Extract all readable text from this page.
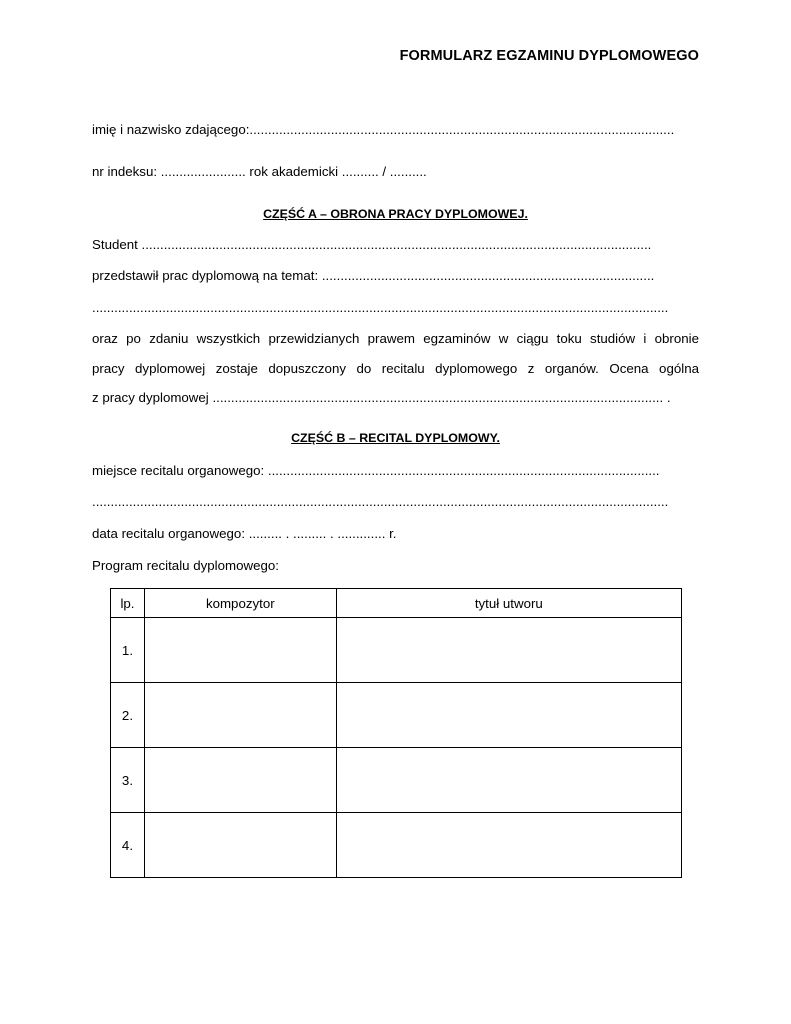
FORMULARZ EGZAMINU DYPLOMOWEGO
imię i nazwisko zdającego:...................................................................................................................
nr indeksu: ....................... rok akademicki .......... / ..........
CZĘŚĆ A – OBRONA PRACY DYPLOMOWEJ.
Student ..........................................................................................................................................
przedstawił prac dyplomową na temat: ..........................................................................................
............................................................................................................................................................
oraz po zdaniu wszystkich przewidzianych prawem egzaminów w ciągu toku studiów i obronie
pracy dyplomowej zostaje dopuszczony do recitalu dyplomowego z organów. Ocena ogólna
z pracy dyplomowej .......................................................................................................................... .
CZĘŚĆ B – RECITAL DYPLOMOWY.
miejsce recitalu organowego: ..........................................................................................................
............................................................................................................................................................
data recitalu organowego: ......... . ......... . ............. r.
Program recitalu dyplomowego:
lp.	kompozytor	tytuł utworu
1.		
2.		
3.		
4.		
